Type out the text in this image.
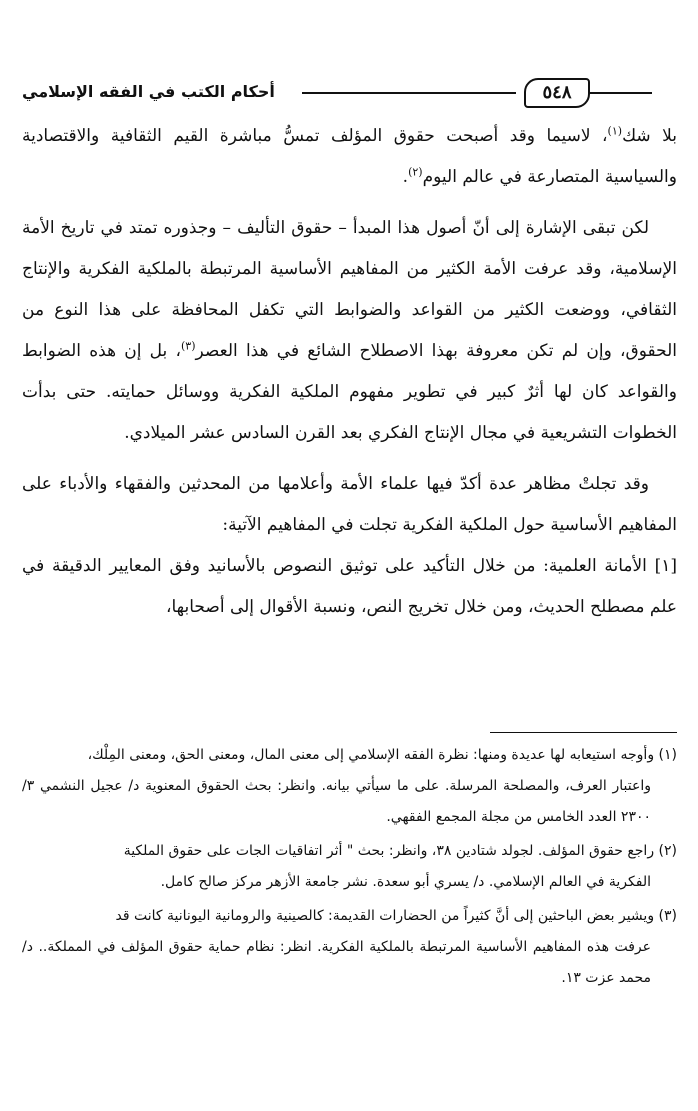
أحكام الكتب في الفقه الإسلامي	٥٤٨

بلا شك$^{(١)}$، لاسيما وقد أصبحت حقوق المؤلف تمسُّ مباشرة القيم الثقافية والاقتصادية والسياسية المتصارعة في عالم اليوم$^{(٢)}$.

لكن تبقى الإشارة إلى أنّ أصول هذا المبدأ – حقوق التأليف – وجذوره تمتد في تاريخ الأمة الإسلامية، وقد عرفت الأمة الكثير من المفاهيم الأساسية المرتبطة بالملكية الفكرية والإنتاج الثقافي، ووضعت الكثير من القواعد والضوابط التي تكفل المحافظة على هذا النوع من الحقوق، وإن لم تكن معروفة بهذا الاصطلاح الشائع في هذا العصر$^{(٣)}$، بل إن هذه الضوابط والقواعد كان لها أثرٌ كبير في تطوير مفهوم الملكية الفكرية ووسائل حمايته. حتى بدأت الخطوات التشريعية في مجال الإنتاج الفكري بعد القرن السادس عشر الميلادي.

وقد تجلتْ مظاهر عدة أكدّ فيها علماء الأمة وأعلامها من المحدثين والفقهاء والأدباء على المفاهيم الأساسية حول الملكية الفكرية تجلت في المفاهيم الآتية:

[١] الأمانة العلمية: من خلال التأكيد على توثيق النصوص بالأسانيد وفق المعايير الدقيقة في علم مصطلح الحديث، ومن خلال تخريج النص، ونسبة الأقوال إلى أصحابها،

(١) وأوجه استيعابه لها عديدة ومنها: نظرة الفقه الإسلامي إلى معنى المال، ومعنى الحق، ومعنى المِلْك،
واعتبار العرف، والمصلحة المرسلة. على ما سيأتي بيانه. وانظر: بحث الحقوق المعنوية د/ عجيل النشمي ٣/ ٢٣٠٠ العدد الخامس من مجلة المجمع الفقهي.
(٢) راجع حقوق المؤلف. لجولد شتادين ٣٨، وانظر: بحث " أثر اتفاقيات الجات على حقوق الملكية
الفكرية في العالم الإسلامي. د/ يسري أبو سعدة. نشر جامعة الأزهر مركز صالح كامل.
(٣) ويشير بعض الباحثين إلى أنَّ كثيراً من الحضارات القديمة: كالصينية والرومانية اليونانية كانت قد
عرفت هذه المفاهيم الأساسية المرتبطة بالملكية الفكرية. انظر: نظام حماية حقوق المؤلف في المملكة.. د/ محمد عزت ١٣.
